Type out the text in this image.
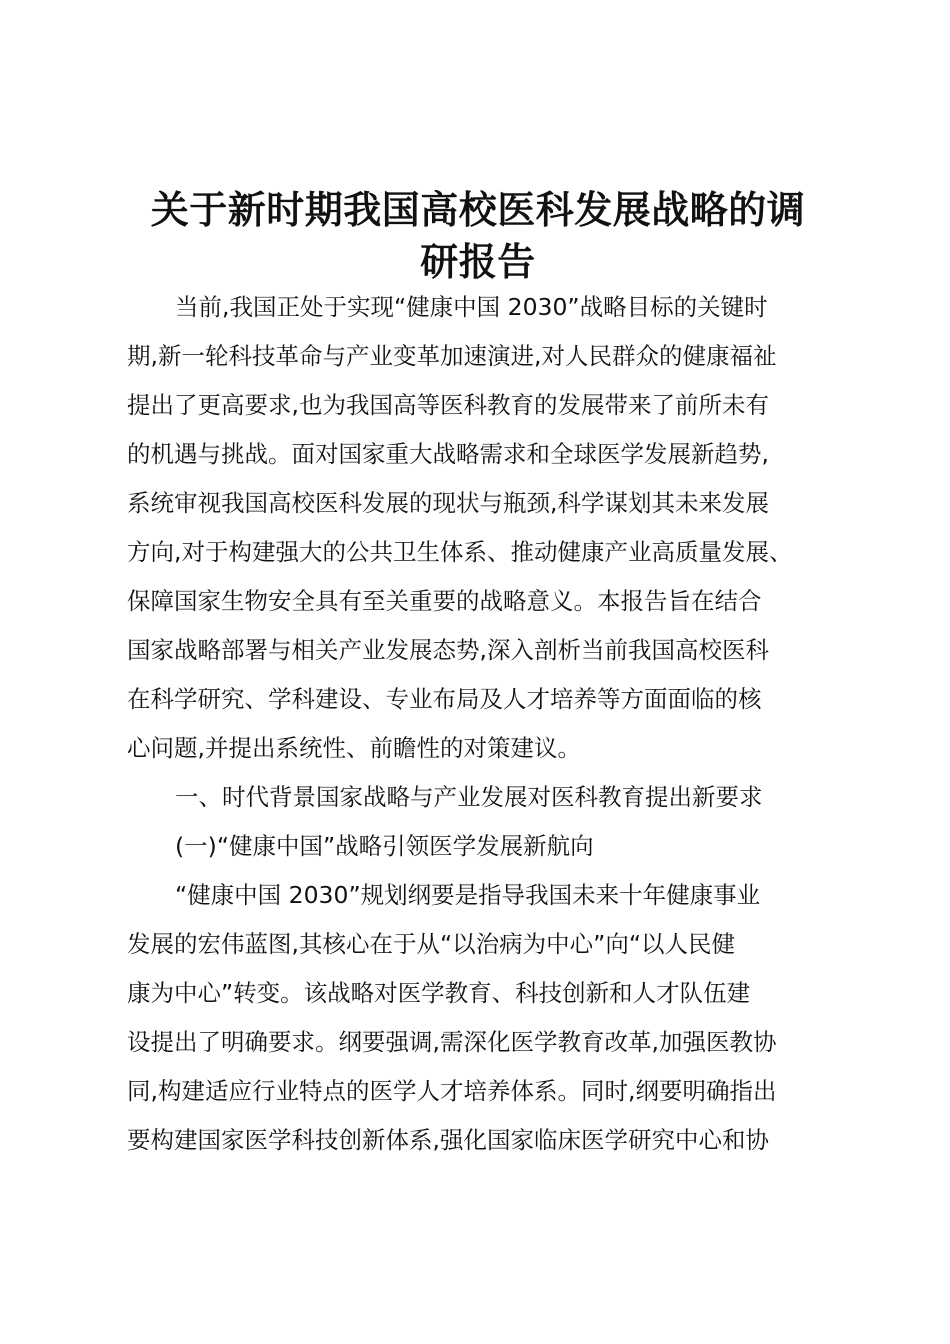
关于新时期我国高校医科发展战略的调
研报告
当前,我国正处于实现“健康中国 2030”战略目标的关键时
期,新一轮科技革命与产业变革加速演进,对人民群众的健康福祉
提出了更高要求,也为我国高等医科教育的发展带来了前所未有
的机遇与挑战。面对国家重大战略需求和全球医学发展新趋势,
系统审视我国高校医科发展的现状与瓶颈,科学谋划其未来发展
方向,对于构建强大的公共卫生体系、推动健康产业高质量发展、
保障国家生物安全具有至关重要的战略意义。本报告旨在结合
国家战略部署与相关产业发展态势,深入剖析当前我国高校医科
在科学研究、学科建设、专业布局及人才培养等方面面临的核
心问题,并提出系统性、前瞻性的对策建议。
一、时代背景国家战略与产业发展对医科教育提出新要求
(一)“健康中国”战略引领医学发展新航向
“健康中国 2030”规划纲要是指导我国未来十年健康事业
发展的宏伟蓝图,其核心在于从“以治病为中心”向“以人民健
康为中心”转变。该战略对医学教育、科技创新和人才队伍建
设提出了明确要求。纲要强调,需深化医学教育改革,加强医教协
同,构建适应行业特点的医学人才培养体系。同时,纲要明确指出
要构建国家医学科技创新体系,强化国家临床医学研究中心和协
